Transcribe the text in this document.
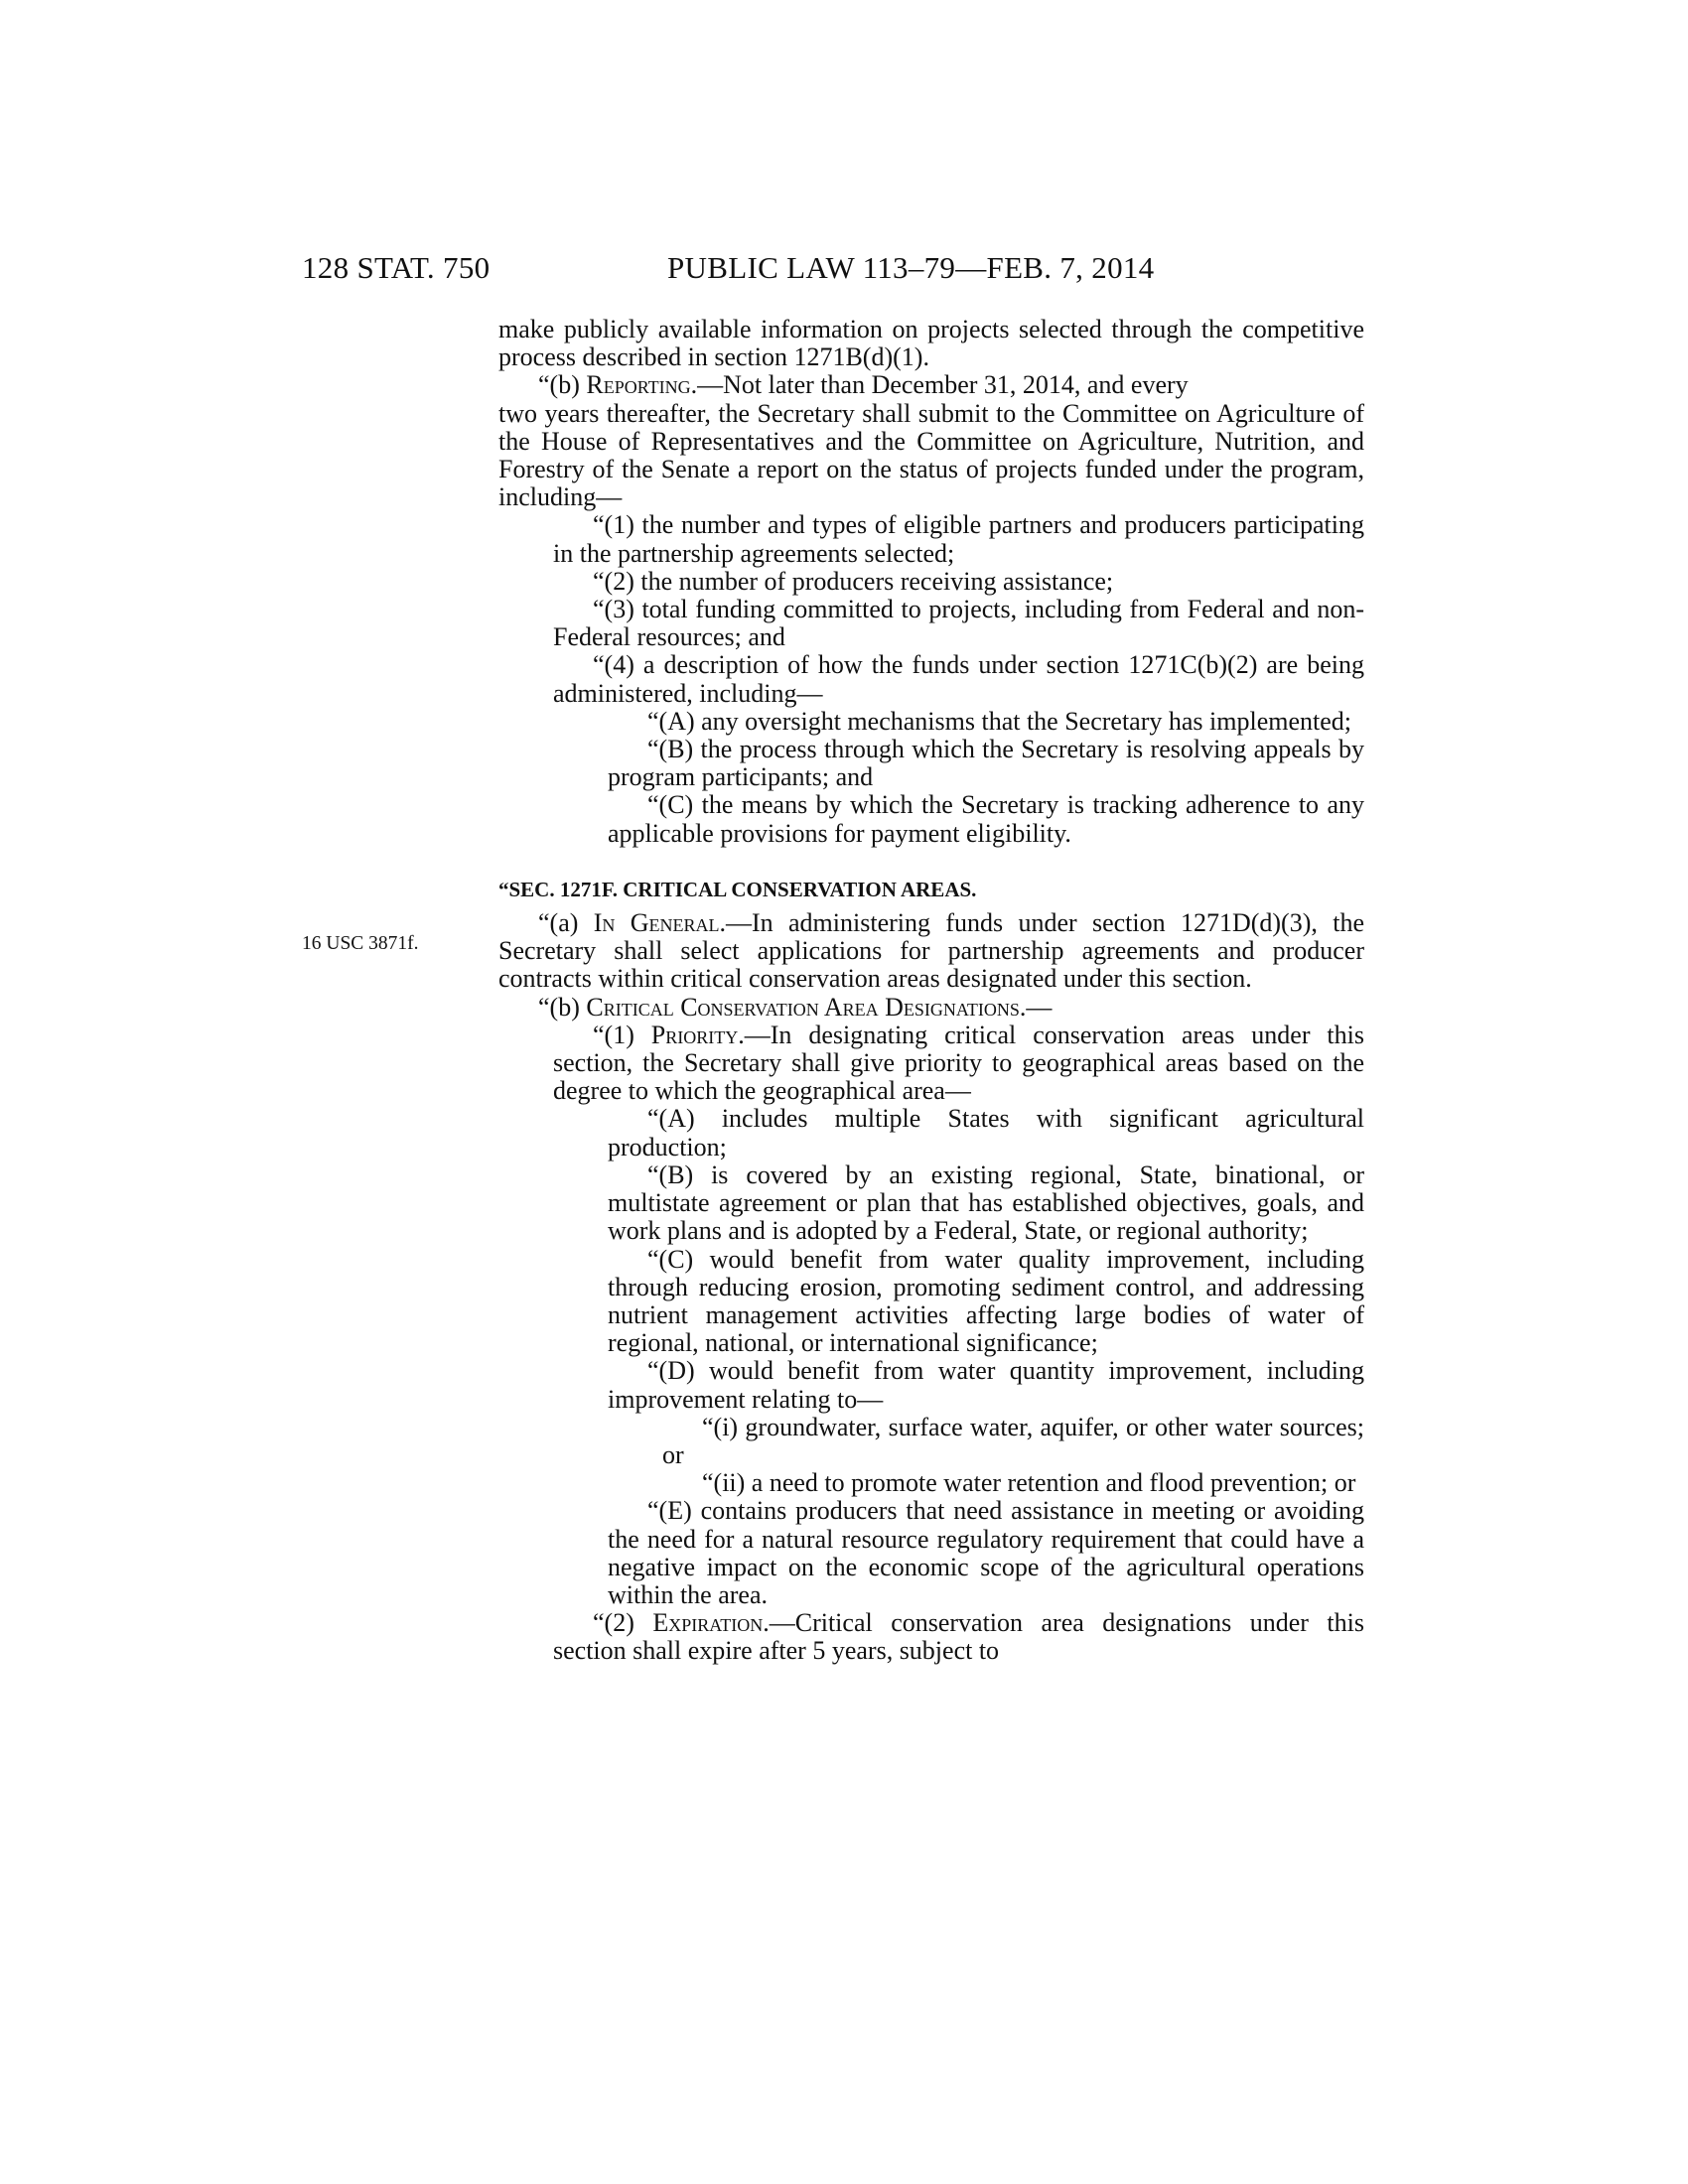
128 STAT. 750	PUBLIC LAW 113–79—FEB. 7, 2014
16 USC 3871f.

make publicly available information on projects selected through the competitive process described in section 1271B(d)(1).

“(b) Reporting.—Not later than December 31, 2014, and every

two years thereafter, the Secretary shall submit to the Committee on Agriculture of the House of Representatives and the Committee on Agriculture, Nutrition, and Forestry of the Senate a report on the status of projects funded under the program, including—

“(1) the number and types of eligible partners and producers participating in the partnership agreements selected;

“(2) the number of producers receiving assistance;

“(3) total funding committed to projects, including from Federal and non-Federal resources; and

“(4) a description of how the funds under section 1271C(b)(2) are being administered, including—

“(A) any oversight mechanisms that the Secretary has implemented;

“(B) the process through which the Secretary is resolving appeals by program participants; and

“(C) the means by which the Secretary is tracking adherence to any applicable provisions for payment eligibility.

“SEC. 1271F. CRITICAL CONSERVATION AREAS.

“(a) In General.—In administering funds under section 1271D(d)(3), the Secretary shall select applications for partnership agreements and producer contracts within critical conservation areas designated under this section.

“(b) Critical Conservation Area Designations.—

“(1) Priority.—In designating critical conservation areas under this section, the Secretary shall give priority to geographical areas based on the degree to which the geographical area—

“(A) includes multiple States with significant agricultural production;

“(B) is covered by an existing regional, State, binational, or multistate agreement or plan that has established objectives, goals, and work plans and is adopted by a Federal, State, or regional authority;

“(C) would benefit from water quality improvement, including through reducing erosion, promoting sediment control, and addressing nutrient management activities affecting large bodies of water of regional, national, or international significance;

“(D) would benefit from water quantity improvement, including improvement relating to—

“(i) groundwater, surface water, aquifer, or other water sources; or

“(ii) a need to promote water retention and flood prevention; or

“(E) contains producers that need assistance in meeting or avoiding the need for a natural resource regulatory requirement that could have a negative impact on the economic scope of the agricultural operations within the area.

“(2) Expiration.—Critical conservation area designations under this section shall expire after 5 years, subject to
